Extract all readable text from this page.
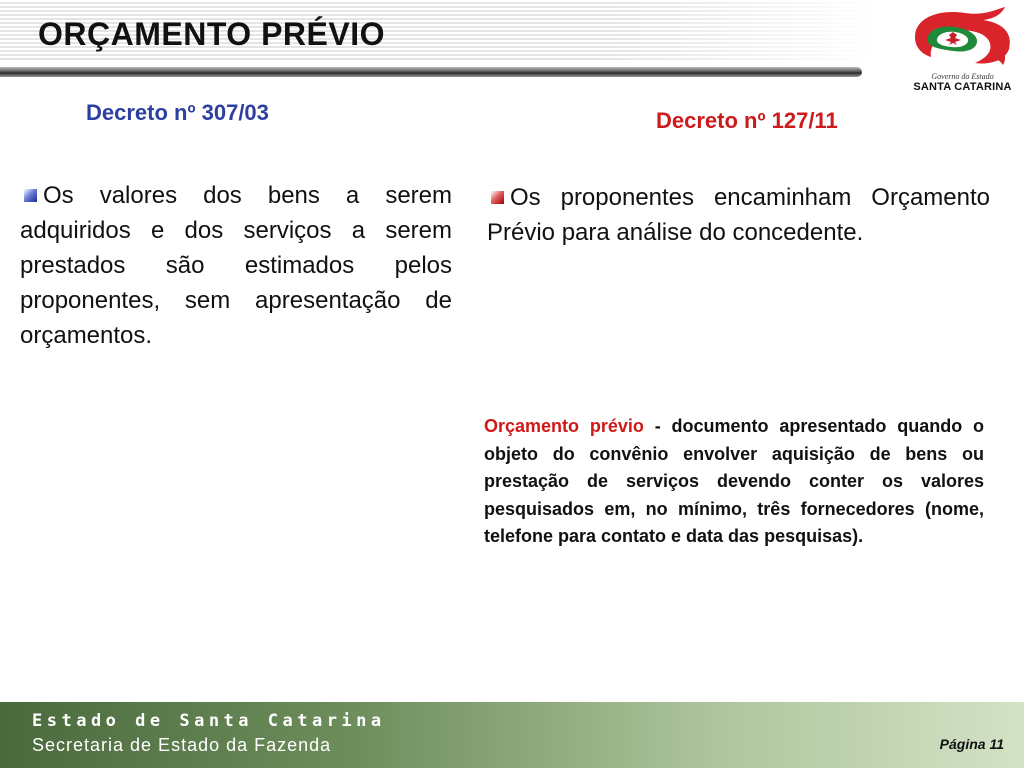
ORÇAMENTO PRÉVIO
Governo do Estado
SANTA CATARINA
Decreto nº 307/03	Decreto nº 127/11

Os valores dos bens a serem adquiridos e dos serviços a serem prestados são estimados pelos proponentes, sem apresentação de orçamentos.

Os proponentes encaminham Orçamento Prévio para análise do concedente.

Orçamento prévio - documento apresentado quando o objeto do convênio envolver aquisição de bens ou prestação de serviços devendo conter os valores pesquisados em, no mínimo, três fornecedores (nome, telefone para contato e data das pesquisas).

Estado de Santa Catarina

Secretaria de Estado da Fazenda	Página 11
